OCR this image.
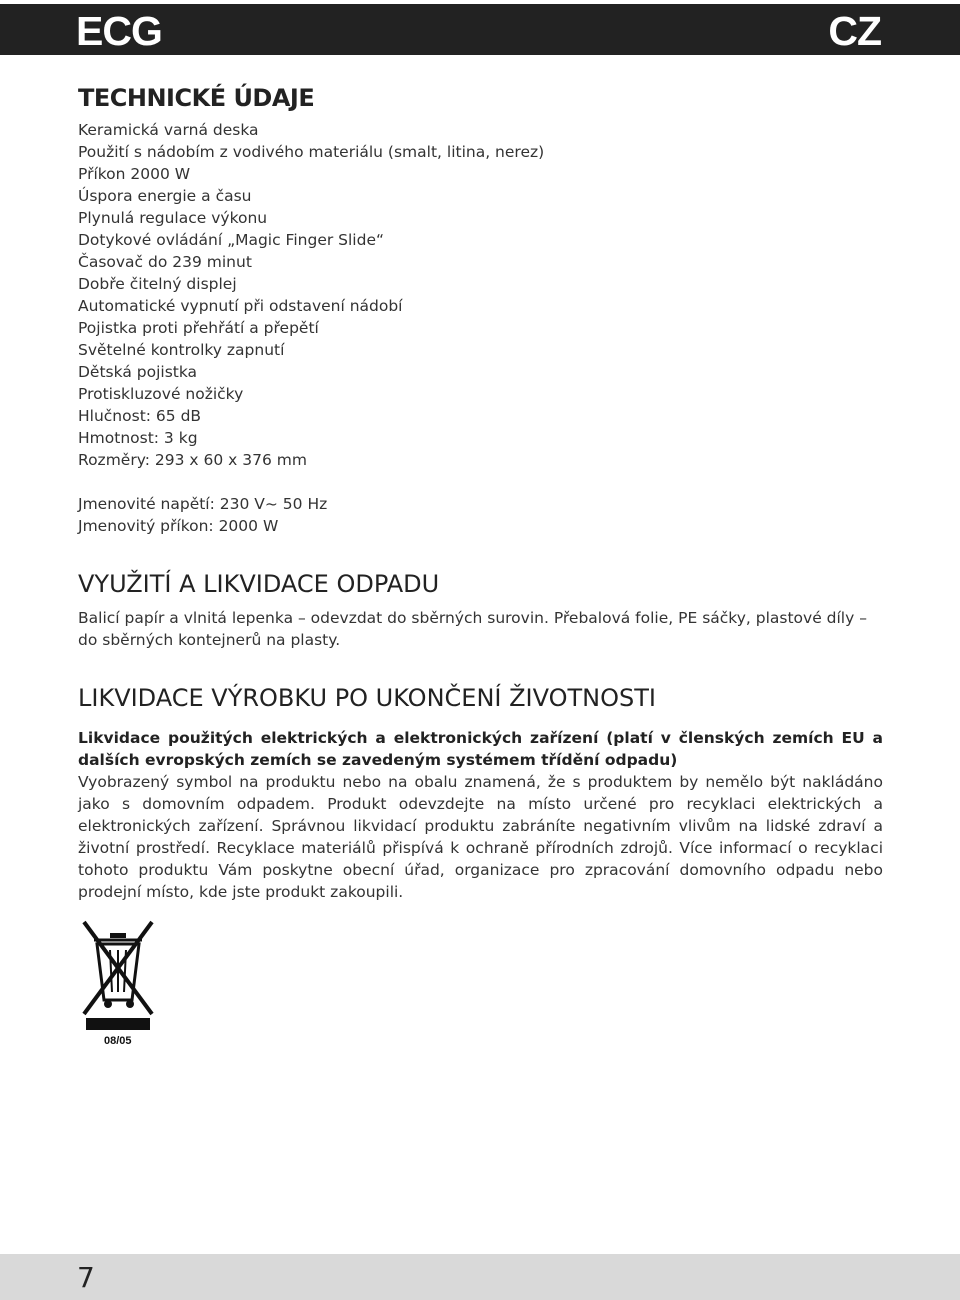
ECG	CZ
TECHNICKÉ ÚDAJE
Keramická varná deska
Použití s nádobím z vodivého materiálu (smalt, litina, nerez)
Příkon 2000 W
Úspora energie a času
Plynulá regulace výkonu
Dotykové ovládání „Magic Finger Slide“
Časovač do 239 minut
Dobře čitelný displej
Automatické vypnutí při odstavení nádobí
Pojistka proti přehřátí a přepětí
Světelné kontrolky zapnutí
Dětská pojistka
Protiskluzové nožičky
Hlučnost: 65 dB
Hmotnost: 3 kg
Rozměry: 293 x 60 x 376 mm
Jmenovité napětí: 230 V~ 50 Hz
Jmenovitý příkon: 2000 W
VYUŽITÍ A LIKVIDACE ODPADU

Balicí papír a vlnitá lepenka – odevzdat do sběrných surovin. Přebalová folie, PE sáčky, plastové díly – do sběrných kontejnerů na plasty.

LIKVIDACE VÝROBKU PO UKONČENÍ ŽIVOTNOSTI

Likvidace použitých elektrických a elektronických zařízení (platí v členských zemích EU a dalších evropských zemích se zavedeným systémem třídění odpadu)

Vyobrazený symbol na produktu nebo na obalu znamená, že s produktem by nemělo být nakládáno jako s domovním odpadem. Produkt odevzdejte na místo určené pro recyklaci elektrických a elektronických zařízení. Správnou likvidací produktu zabráníte negativním vlivům na lidské zdraví a životní prostředí. Recyklace materiálů přispívá k ochraně přírodních zdrojů. Více informací o recyklaci tohoto produktu Vám poskytne obecní úřad, organizace pro zpracování domovního odpadu nebo prodejní místo, kde jste produkt zakoupili.

08/05
7
